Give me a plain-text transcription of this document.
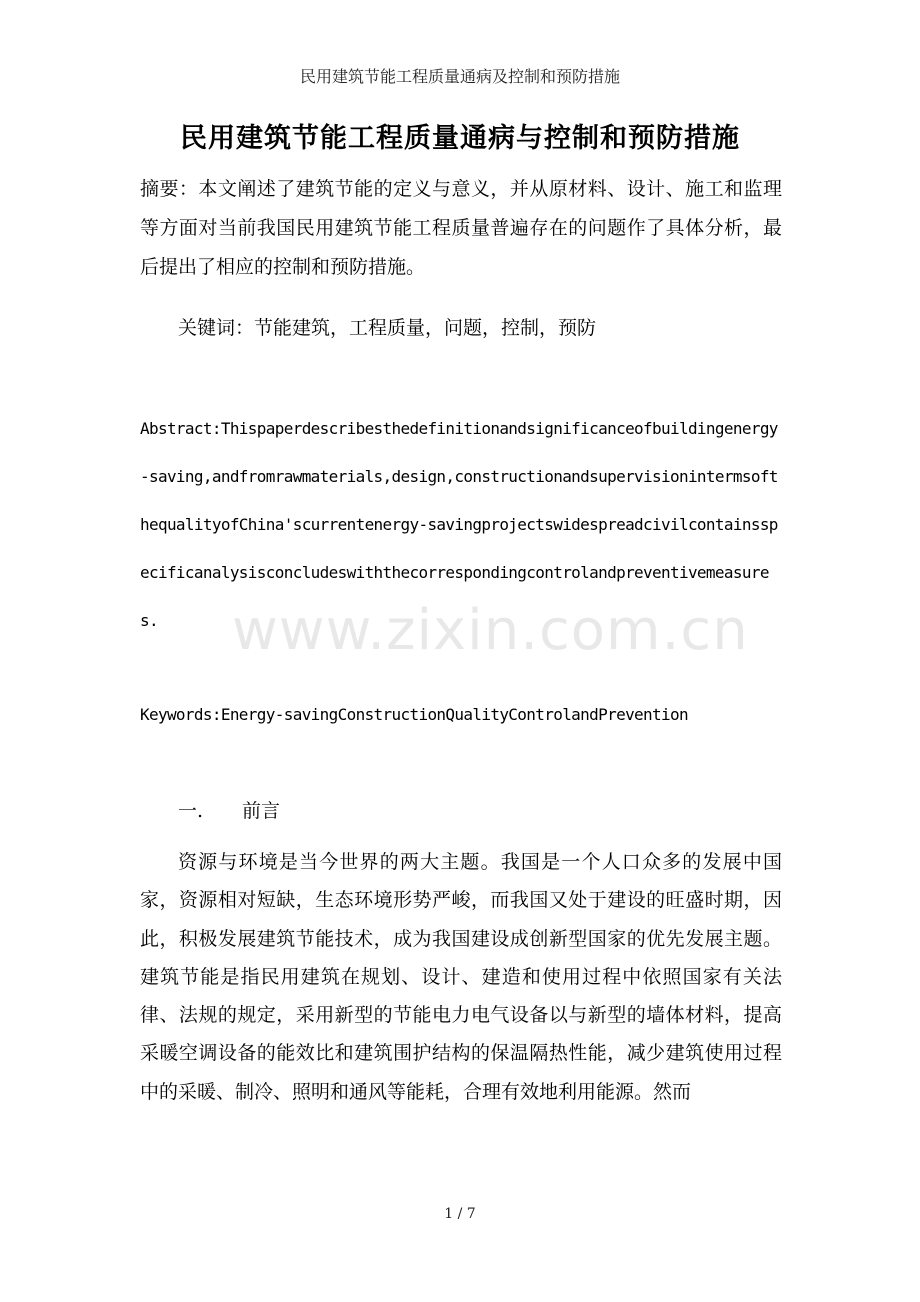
民用建筑节能工程质量通病及控制和预防措施
民用建筑节能工程质量通病与控制和预防措施
摘要：本文阐述了建筑节能的定义与意义，并从原材料、设计、施工和监理等方面对当前我国民用建筑节能工程质量普遍存在的问题作了具体分析，最后提出了相应的控制和预防措施。
关键词：节能建筑，工程质量，问题，控制，预防
Abstract:Thispaperdescribesthedefinitionandsignificanceofbuildingenergy-saving,andfromrawmaterials,design,constructionandsupervisionintermsofthequalityofChina'scurrentenergy-savingprojectswidespreadcivilcontainsspecificanalysisconcludeswiththecorrespondingcontrolandpreventivemeasures.
Keywords:Energy-savingConstructionQualityControlandPrevention
一. 前言
资源与环境是当今世界的两大主题。我国是一个人口众多的发展中国家，资源相对短缺，生态环境形势严峻，而我国又处于建设的旺盛时期，因此，积极发展建筑节能技术，成为我国建设成创新型国家的优先发展主题。建筑节能是指民用建筑在规划、设计、建造和使用过程中依照国家有关法律、法规的规定，采用新型的节能电力电气设备以与新型的墙体材料，提高采暖空调设备的能效比和建筑围护结构的保温隔热性能，减少建筑使用过程中的采暖、制冷、照明和通风等能耗，合理有效地利用能源。然而
www.zixin.com.cn
1 / 7
